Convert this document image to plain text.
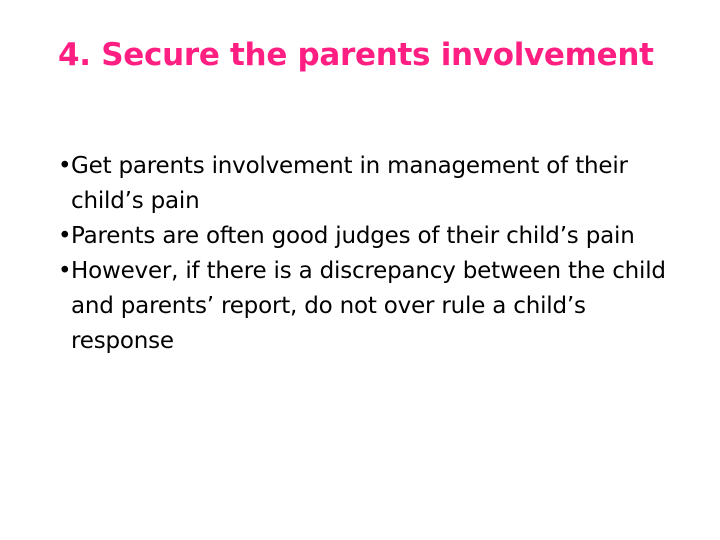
4. Secure the parents involvement
• Get parents involvement in management of their child’s pain
• Parents are often good judges of their child’s pain
• However, if there is a discrepancy between the child and parents’ report, do not over rule a child’s response
